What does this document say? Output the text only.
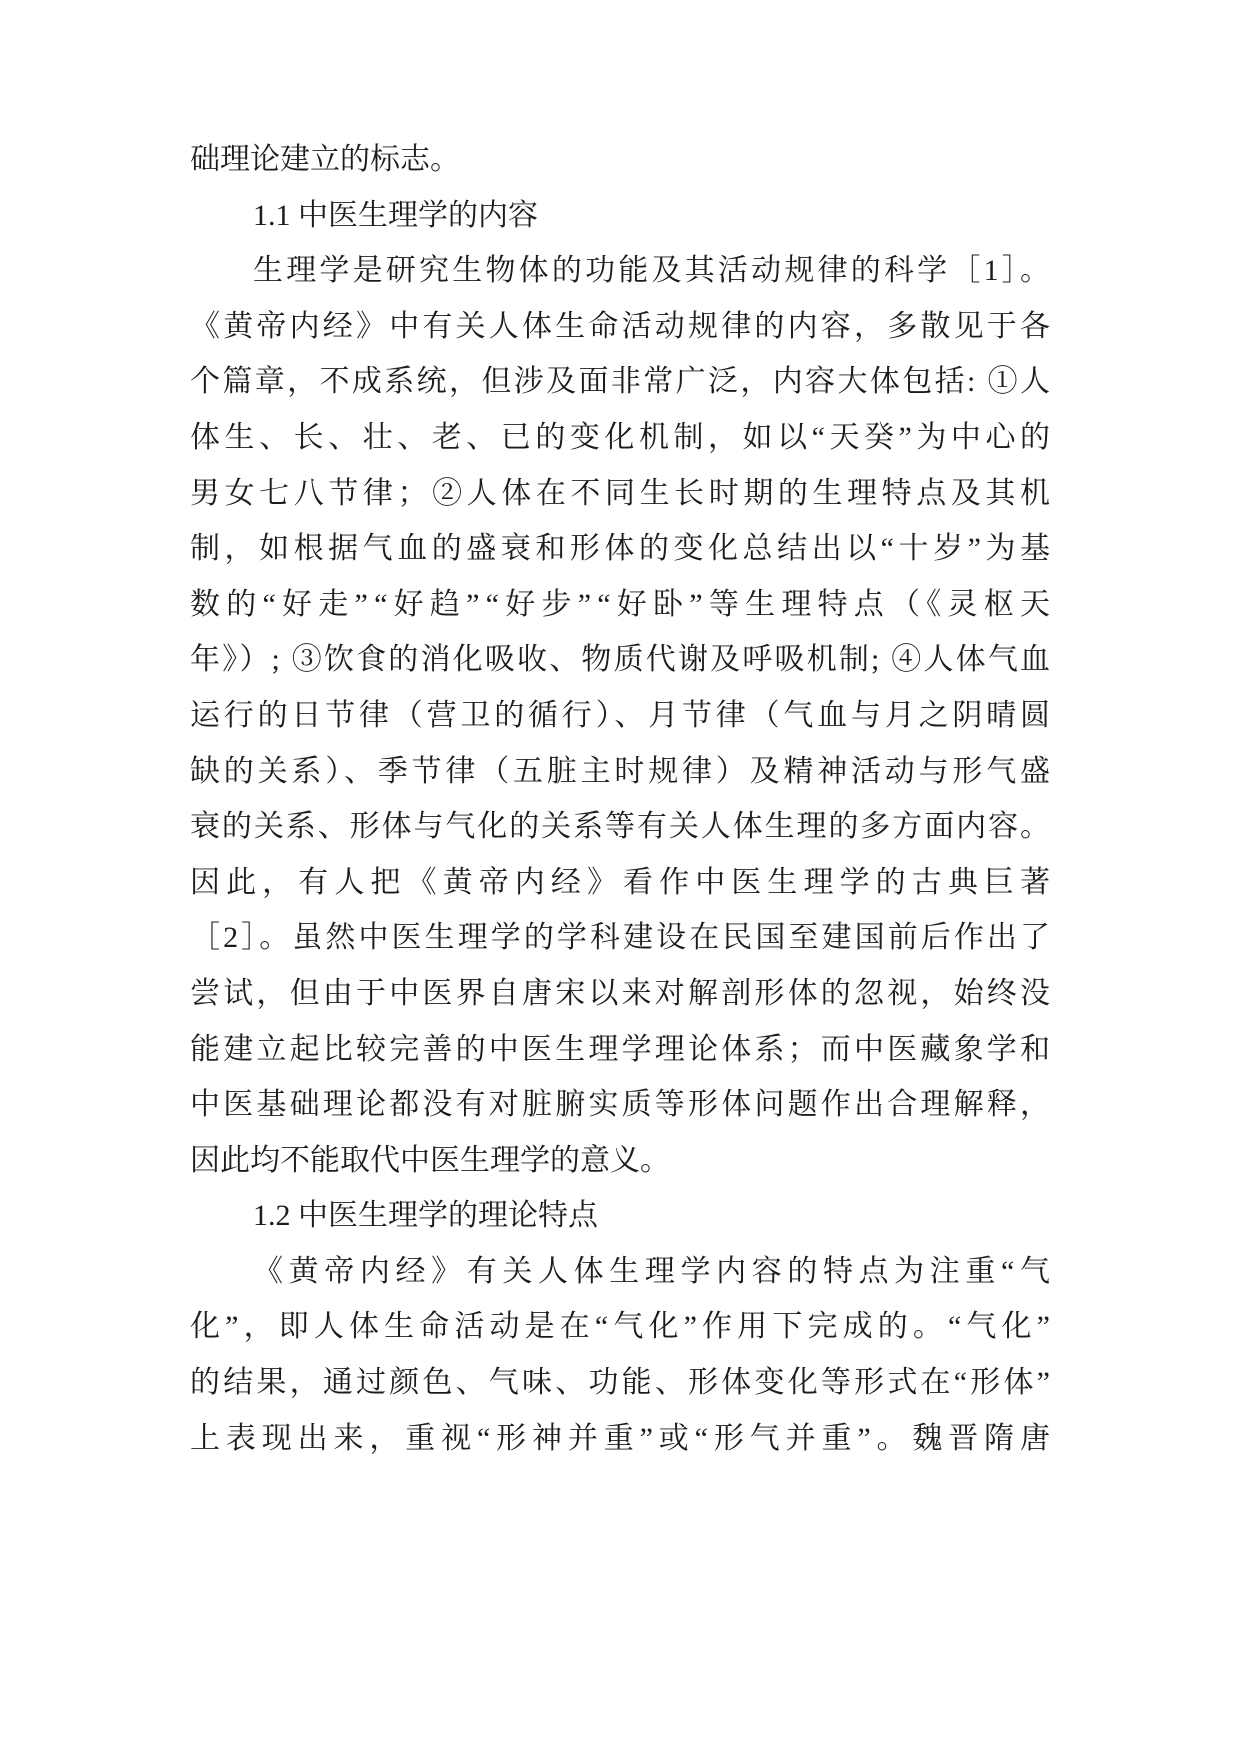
础理论建立的标志。
1.1 中医生理学的内容
生理学是研究生物体的功能及其活动规律的科学［1］。
《黄帝内经》中有关人体生命活动规律的内容，多散见于各
个篇章，不成系统，但涉及面非常广泛，内容大体包括: ①人
体生、长、壮、老、已的变化机制，如以“天癸”为中心的
男女七八节律；②人体在不同生长时期的生理特点及其机
制，如根据气血的盛衰和形体的变化总结出以“十岁”为基
数的“好走”“好趋”“好步”“好卧”等生理特点（《灵枢天
年》）; ③饮食的消化吸收、物质代谢及呼吸机制; ④人体气血
运行的日节律（营卫的循行）、月节律（气血与月之阴晴圆
缺的关系）、季节律（五脏主时规律）及精神活动与形气盛
衰的关系、形体与气化的关系等有关人体生理的多方面内容。
因此，有人把《黄帝内经》看作中医生理学的古典巨著
［2］。虽然中医生理学的学科建设在民国至建国前后作出了
尝试，但由于中医界自唐宋以来对解剖形体的忽视，始终没
能建立起比较完善的中医生理学理论体系；而中医藏象学和
中医基础理论都没有对脏腑实质等形体问题作出合理解释，
因此均不能取代中医生理学的意义。
1.2 中医生理学的理论特点
《黄帝内经》有关人体生理学内容的特点为注重“气
化”，即人体生命活动是在“气化”作用下完成的。“气化”
的结果，通过颜色、气味、功能、形体变化等形式在“形体”
上表现出来，重视“形神并重”或“形气并重”。魏晋隋唐
